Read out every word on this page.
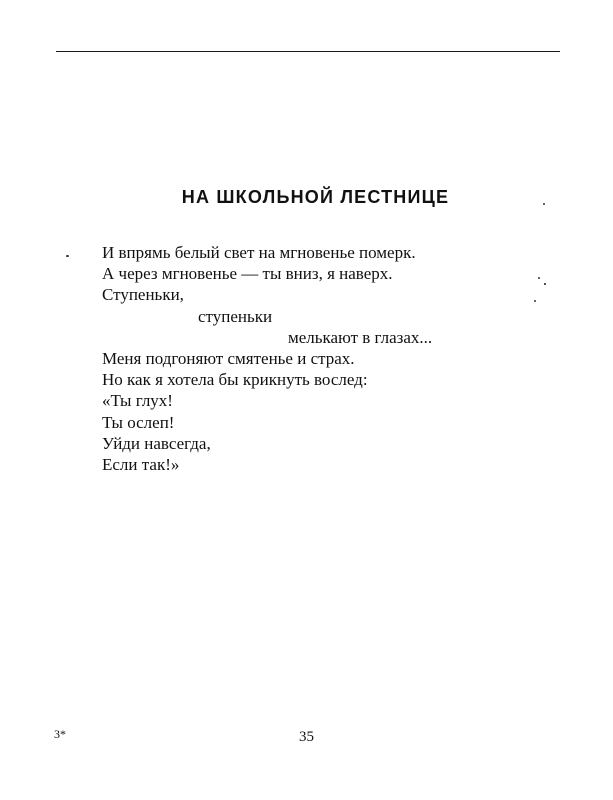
НА ШКОЛЬНОЙ ЛЕСТНИЦЕ
И впрямь белый свет на мгновенье померк.
А через мгновенье — ты вниз, я наверх.
Ступеньки,
ступеньки
мелькают в глазах...
Меня подгоняют смятенье и страх.
Но как я хотела бы крикнуть вослед:
«Ты глух!
Ты ослеп!
Уйди навсегда,
Если так!»
3*	35
